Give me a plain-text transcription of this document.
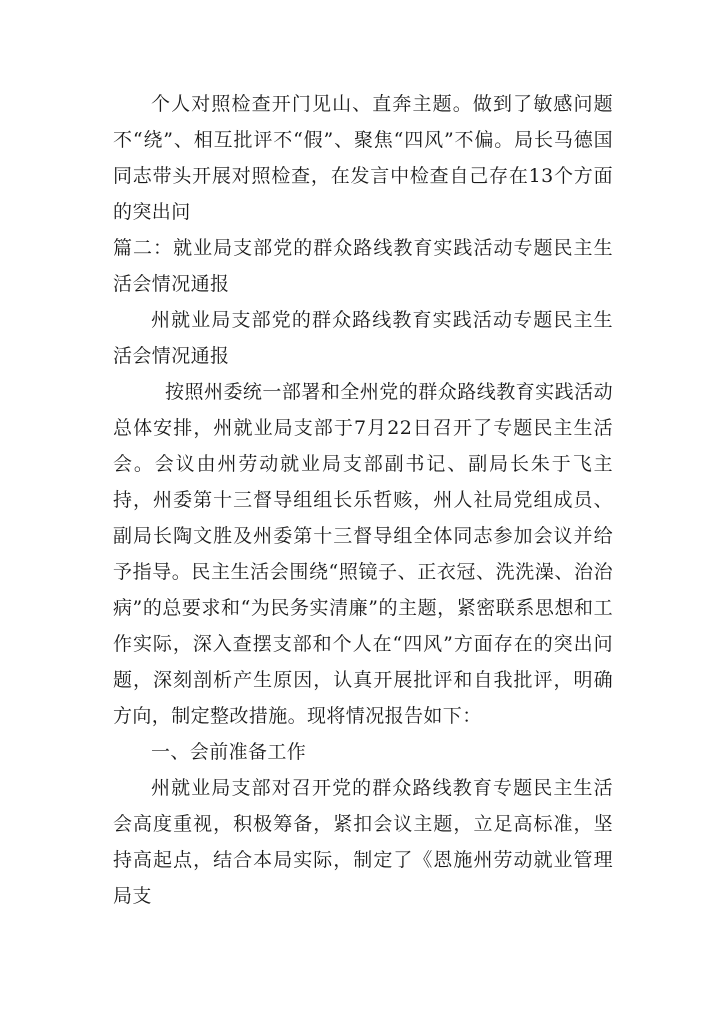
个人对照检查开门见山、直奔主题。做到了敏感问题不“绕”、相互批评不“假”、聚焦“四风”不偏。局长马德国同志带头开展对照检查，在发言中检查自己存在13个方面的突出问

篇二：就业局支部党的群众路线教育实践活动专题民主生活会情况通报

州就业局支部党的群众路线教育实践活动专题民主生活会情况通报

按照州委统一部署和全州党的群众路线教育实践活动总体安排，州就业局支部于7月22日召开了专题民主生活会。会议由州劳动就业局支部副书记、副局长朱于飞主持，州委第十三督导组组长乐哲赅，州人社局党组成员、副局长陶文胜及州委第十三督导组全体同志参加会议并给予指导。民主生活会围绕“照镜子、正衣冠、洗洗澡、治治病”的总要求和“为民务实清廉”的主题，紧密联系思想和工作实际，深入查摆支部和个人在“四风”方面存在的突出问题，深刻剖析产生原因，认真开展批评和自我批评，明确方向，制定整改措施。现将情况报告如下：

一、会前准备工作

州就业局支部对召开党的群众路线教育专题民主生活会高度重视，积极筹备，紧扣会议主题，立足高标准，坚持高起点，结合本局实际，制定了《恩施州劳动就业管理局支
